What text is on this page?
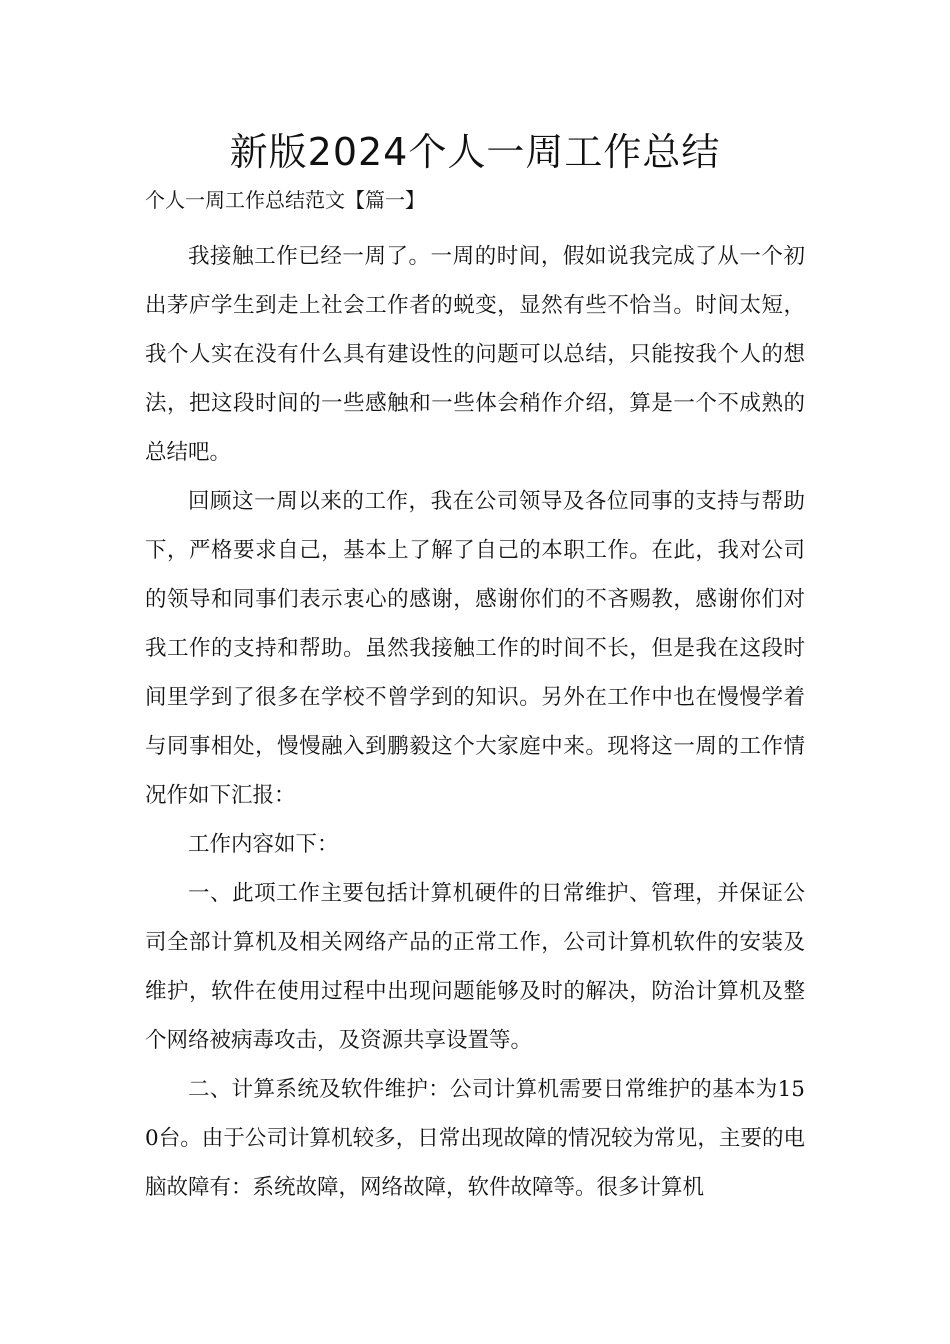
新版2024个人一周工作总结

个人一周工作总结范文【篇一】

我接触工作已经一周了。一周的时间，假如说我完成了从一个初出茅庐学生到走上社会工作者的蜕变，显然有些不恰当。时间太短，我个人实在没有什么具有建设性的问题可以总结，只能按我个人的想法，把这段时间的一些感触和一些体会稍作介绍，算是一个不成熟的总结吧。

回顾这一周以来的工作，我在公司领导及各位同事的支持与帮助下，严格要求自己，基本上了解了自己的本职工作。在此，我对公司的领导和同事们表示衷心的感谢，感谢你们的不吝赐教，感谢你们对我工作的支持和帮助。虽然我接触工作的时间不长，但是我在这段时间里学到了很多在学校不曾学到的知识。另外在工作中也在慢慢学着与同事相处，慢慢融入到鹏毅这个大家庭中来。现将这一周的工作情况作如下汇报：

工作内容如下：

一、此项工作主要包括计算机硬件的日常维护、管理，并保证公司全部计算机及相关网络产品的正常工作，公司计算机软件的安装及维护，软件在使用过程中出现问题能够及时的解决，防治计算机及整个网络被病毒攻击，及资源共享设置等。

二、计算系统及软件维护：公司计算机需要日常维护的基本为150台。由于公司计算机较多，日常出现故障的情况较为常见，主要的电脑故障有：系统故障，网络故障，软件故障等。很多计算机
